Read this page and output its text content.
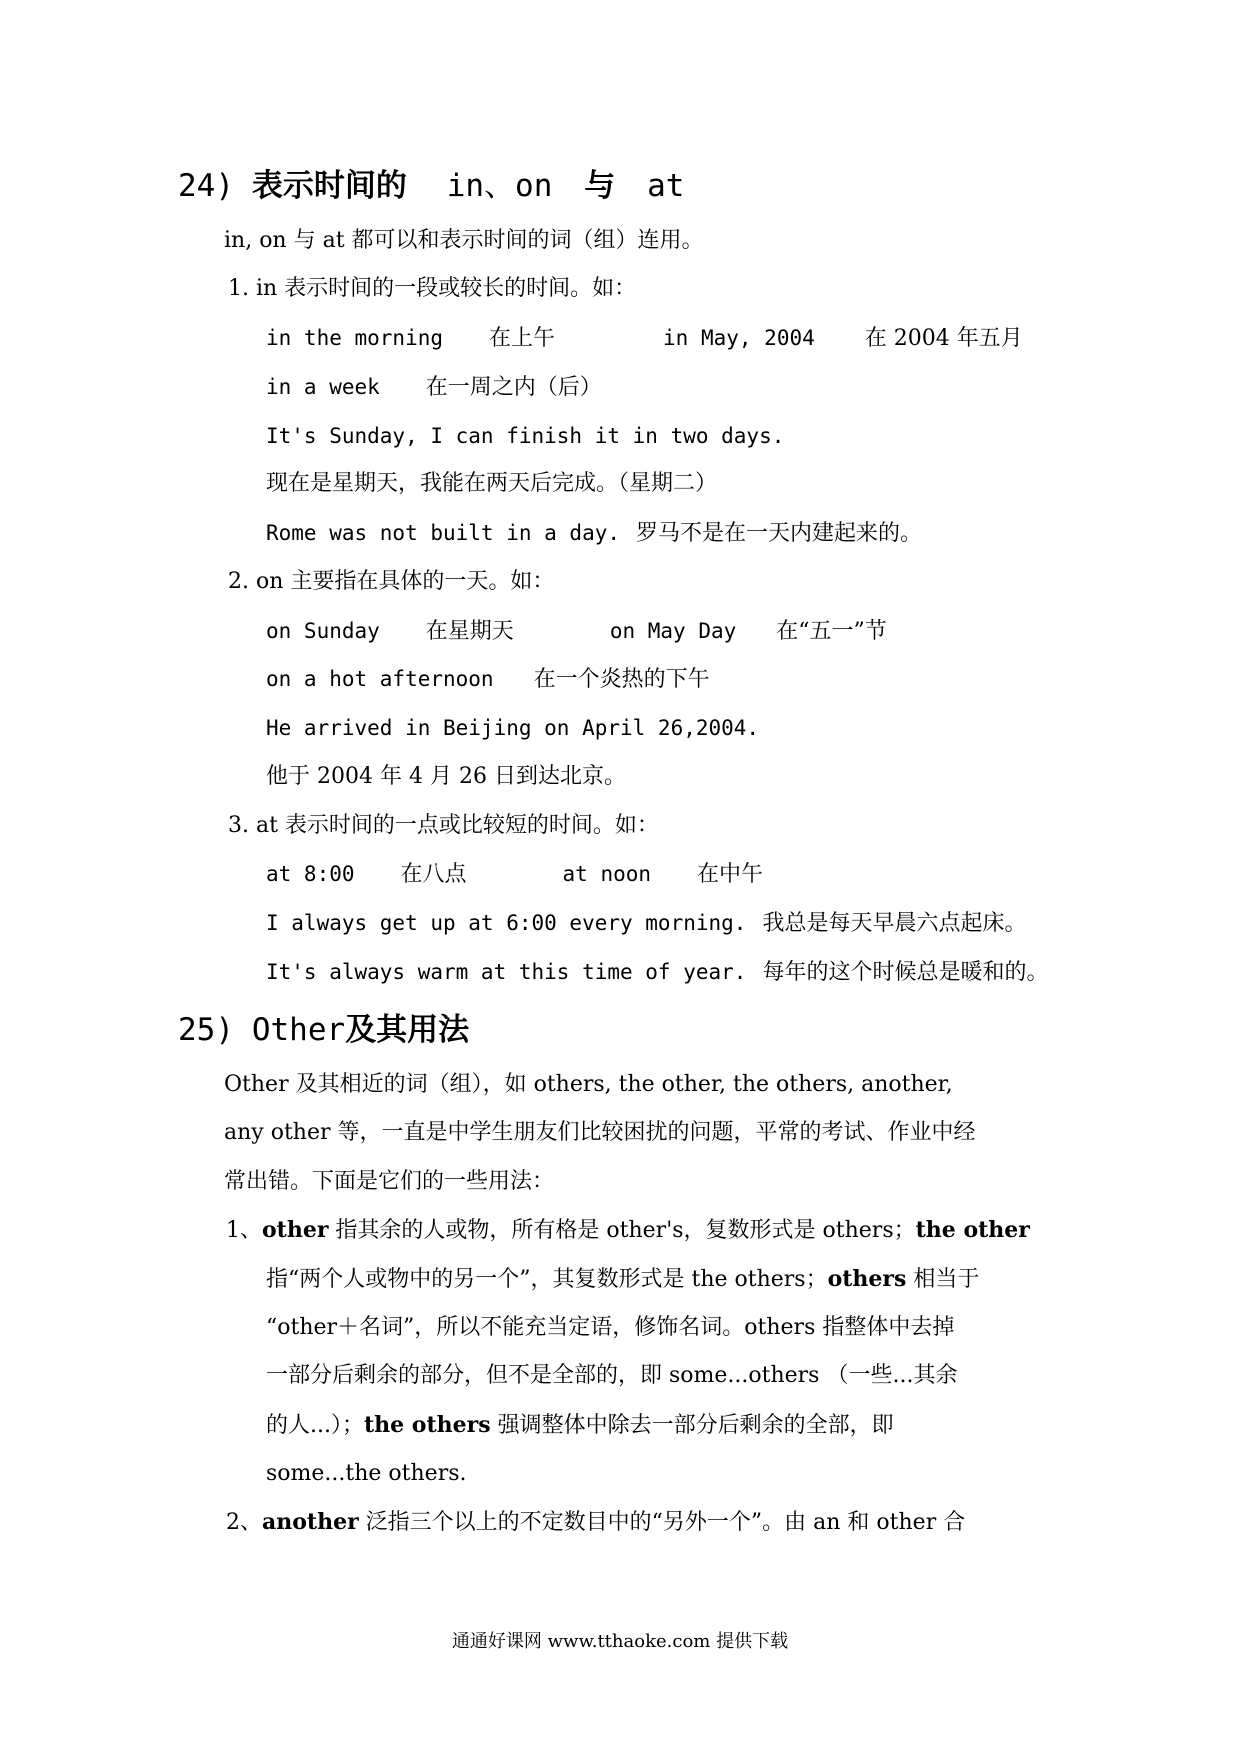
24) 表示时间的 in、on 与 at
in, on 与 at 都可以和表示时间的词（组）连用。
1. in 表示时间的一段或较长的时间。如：
in the morning 在上午	in May, 2004 在 2004 年五月
in a week 在一周之内（后）
It's Sunday, I can finish it in two days.
现在是星期天，我能在两天后完成。（星期二）
Rome was not built in a day. 罗马不是在一天内建起来的。
2. on 主要指在具体的一天。如：
on Sunday 在星期天	on May Day 在“五一”节
on a hot afternoon 在一个炎热的下午
He arrived in Beijing on April 26,2004.
他于 2004 年 4 月 26 日到达北京。
3. at 表示时间的一点或比较短的时间。如：
at 8:00 在八点	at noon 在中午
I always get up at 6:00 every morning. 我总是每天早晨六点起床。
It's always warm at this time of year. 每年的这个时候总是暖和的。
25) Other及其用法
Other 及其相近的词（组），如 others, the other, the others, another,
any other 等，一直是中学生朋友们比较困扰的问题，平常的考试、作业中经
常出错。下面是它们的一些用法：
1、other 指其余的人或物，所有格是 other's，复数形式是 others；the other
指“两个人或物中的另一个”，其复数形式是 the others；others 相当于
“other＋名词”，所以不能充当定语，修饰名词。others 指整体中去掉
一部分后剩余的部分，但不是全部的，即 some...others （一些...其余
的人...）；the others 强调整体中除去一部分后剩余的全部，即
some...the others.
2、another 泛指三个以上的不定数目中的“另外一个”。由 an 和 other 合
通通好课网 www.tthaoke.com 提供下载
